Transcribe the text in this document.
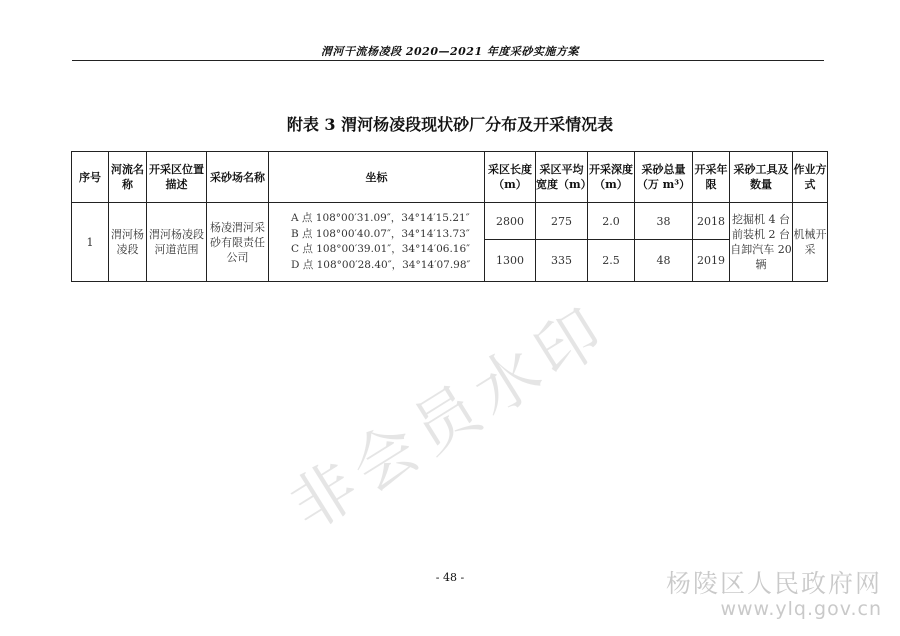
渭河干流杨凌段 2020—2021 年度采砂实施方案
附表 3 渭河杨凌段现状砂厂分布及开采情况表
序号	河流名称	开采区位置描述	采砂场名称	坐标	采区长度（m）	采区平均宽度（m）	开采深度（m）	采砂总量（万 m³）	开采年限	采砂工具及数量	作业方式
1	渭河杨凌段	渭河杨凌段河道范围	杨凌渭河采砂有限责任公司	A 点 108°00′31.09″，34°14′15.21″
B 点 108°00′40.07″，34°14′13.73″
C 点 108°00′39.01″，34°14′06.16″
D 点 108°00′28.40″，34°14′07.98″	2800	275	2.0	38	2018	挖掘机 4 台 前装机 2 台 自卸汽车 20 辆	机械开采
					1300	335	2.5	48	2019		
非会员水印
- 48 -	杨陵区人民政府网
www.ylq.gov.cn
